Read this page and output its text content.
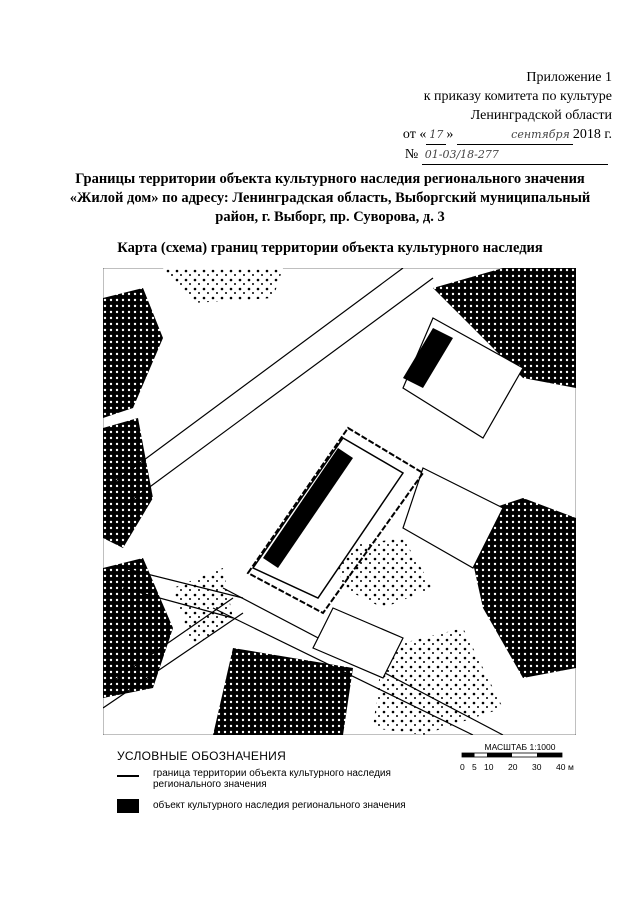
Приложение 1
к приказу комитета по культуре
Ленинградской области
от « 17 »	сентября 2018 г.
№ 01-03/18-277
Границы территории объекта культурного наследия регионального значения
«Жилой дом» по адресу: Ленинградская область, Выборгский муниципальный
район, г. Выборг, пр. Суворова, д. 3
Карта (схема) границ территории объекта культурного наследия
3
УСЛОВНЫЕ ОБОЗНАЧЕНИЯ
МАСШТАБ 1:1000
0 5 10 20 30 40 м
граница территории объекта культурного наследия
регионального значения
объект культурного наследия регионального значения
